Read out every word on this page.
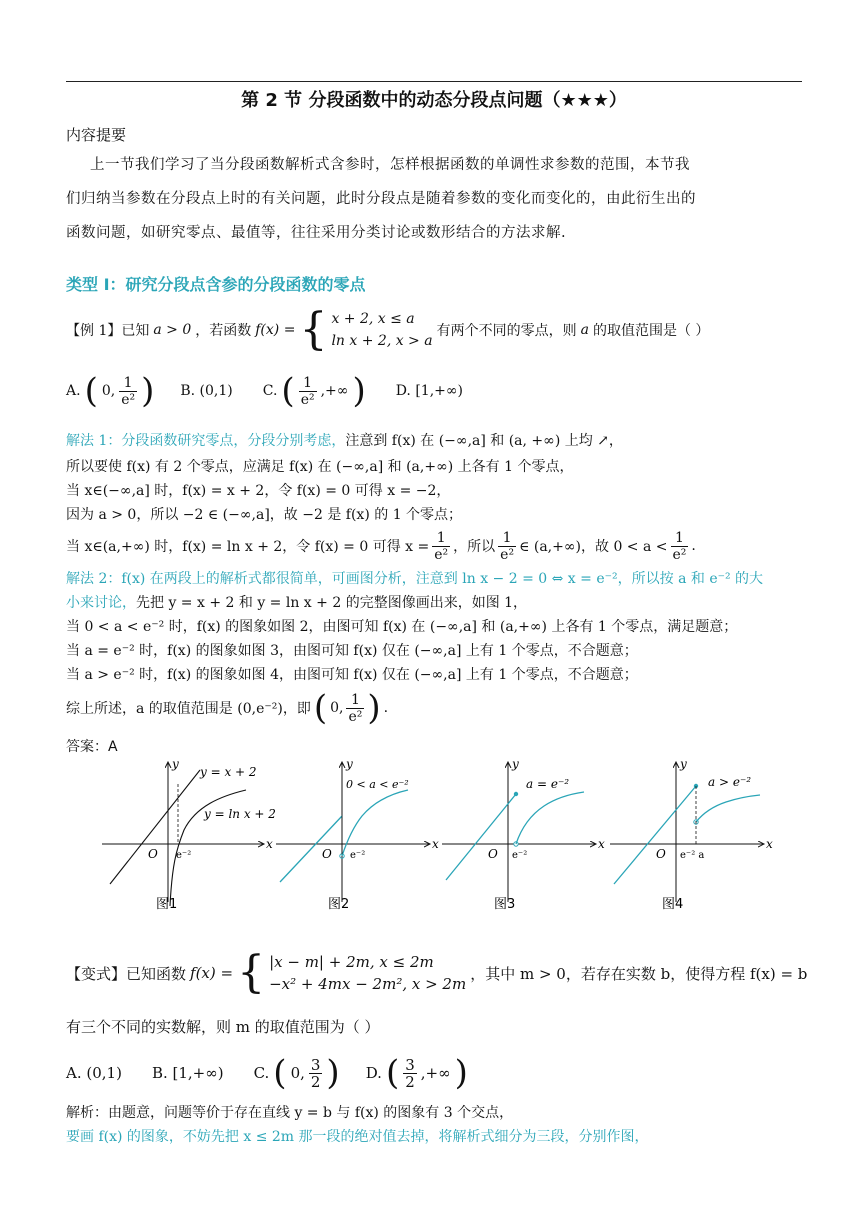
第 2 节 分段函数中的动态分段点问题（★★★）
内容提要
上一节我们学习了当分段函数解析式含参时，怎样根据函数的单调性求参数的范围，本节我
们归纳当参数在分段点上时的有关问题，此时分段点是随着参数的变化而变化的，由此衍生出的
函数问题，如研究零点、最值等，往往采用分类讨论或数形结合的方法求解.
类型 Ⅰ：研究分段点含参的分段函数的零点
【例 1】已知 a > 0 ，若函数 f(x) = { x + 2, x ≤ a
ln x + 2, x > a
有两个不同的零点，则 a 的取值范围是（ ）
A. ( 0, $\frac{1}{\text{e²}}$ ) B. (0,1) C. ( $\frac{1}{\text{e²}}$ ,+∞ ) D. [1,+∞)
解法 1：分段函数研究零点，分段分别考虑，注意到 f(x) 在 (−∞,a] 和 (a, +∞) 上均 ↗，
所以要使 f(x) 有 2 个零点，应满足 f(x) 在 (−∞,a] 和 (a,+∞) 上各有 1 个零点，
当 x∈(−∞,a] 时，f(x) = x + 2，令 f(x) = 0 可得 x = −2，
因为 a > 0，所以 −2 ∈ (−∞,a]，故 −2 是 f(x) 的 1 个零点；
当 x∈(a,+∞) 时，f(x) = ln x + 2，令 f(x) = 0 可得 $x = \frac{1}{\text{e²}}$ ，所以 $\frac{1}{\text{e²}}$ ∈ (a,+∞)，故 $0 < a < \frac{1}{\text{e²}}$ .
解法 2：f(x) 在两段上的解析式都很简单，可画图分析，注意到 ln x − 2 = 0 ⇔ x = e⁻²，所以按 a 和 e⁻² 的大
小来讨论，先把 y = x + 2 和 y = ln x + 2 的完整图像画出来，如图 1，
当 0 < a < e⁻² 时，f(x) 的图象如图 2，由图可知 f(x) 在 (−∞,a] 和 (a,+∞) 上各有 1 个零点，满足题意；
当 a = e⁻² 时，f(x) 的图象如图 3，由图可知 f(x) 仅在 (−∞,a] 上有 1 个零点，不合题意；
当 a > e⁻² 时，f(x) 的图象如图 4，由图可知 f(x) 仅在 (−∞,a] 上有 1 个零点，不合题意；
综上所述，a 的取值范围是 (0,e⁻²)，即 ( 0, $\frac{1}{\text{e²}}$ ) .
答案：A
y = x + 2
y = ln x + 2
O e⁻²
x
y
图1
0 < a < e⁻²
O e⁻²
x
y
图2
a = e⁻²
O e⁻²
x
y
图3
a > e⁻²
O e⁻² a
x
y
图4
【变式】已知函数 f(x) = { |x − m| + 2m, x ≤ 2m
−x² + 4mx − 2m², x > 2m
，其中 m > 0，若存在实数 b，使得方程 f(x) = b
有三个不同的实数解，则 m 的取值范围为（ ）
A. (0,1) B. [1,+∞) C. ( 0, $\frac{3}{2}$ ) D. ( $\frac{3}{2}$ ,+∞ )
解析：由题意，问题等价于存在直线 y = b 与 f(x) 的图象有 3 个交点，
要画 f(x) 的图象，不妨先把 x ≤ 2m 那一段的绝对值去掉，将解析式细分为三段，分别作图，
